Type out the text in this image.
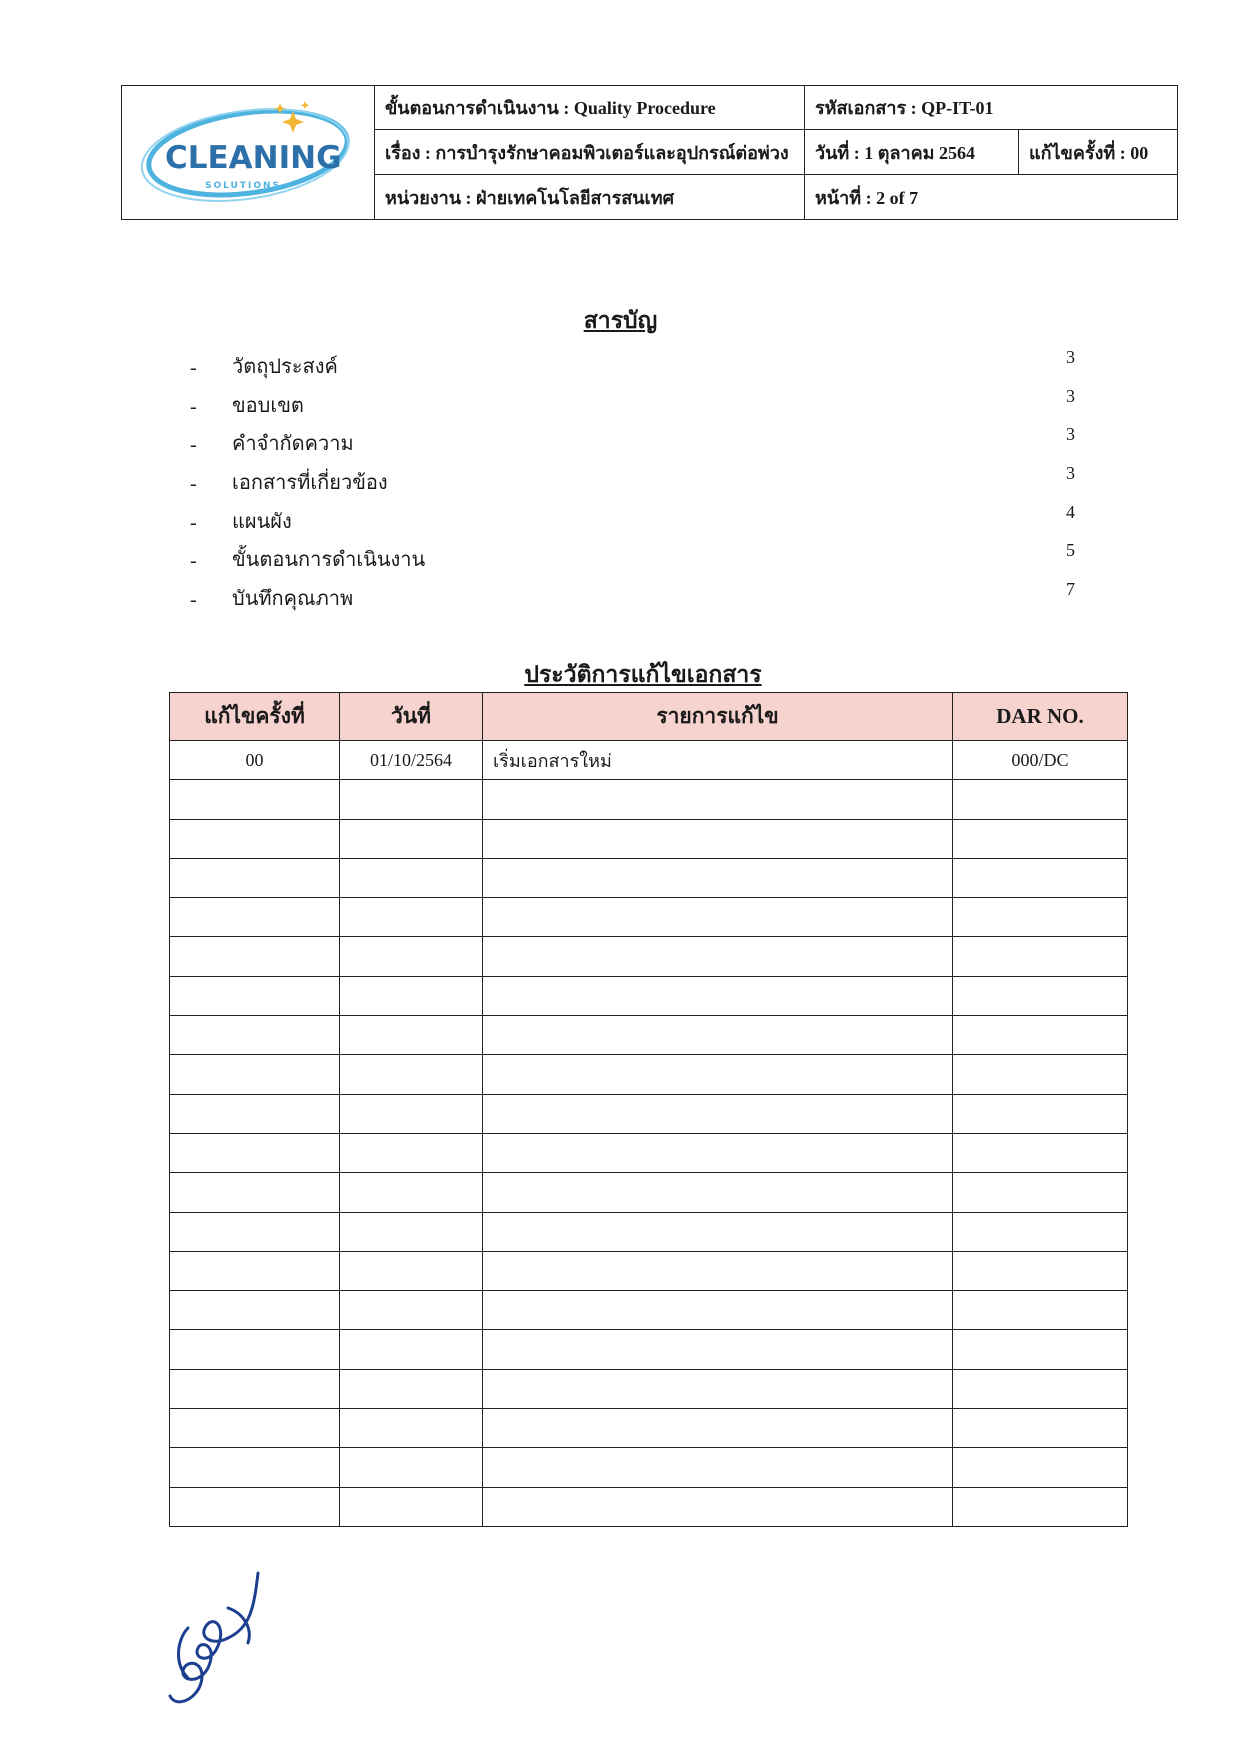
CLEANING
SOLUTIONS	ขั้นตอนการดำเนินงาน : Quality Procedure	รหัสเอกสาร : QP-IT-01	
	เรื่อง : การบำรุงรักษาคอมพิวเตอร์และอุปกรณ์ต่อพ่วง	วันที่ : 1 ตุลาคม 2564	แก้ไขครั้งที่ : 00
	หน่วยงาน : ฝ่ายเทคโนโลยีสารสนเทศ	หน้าที่ : 2 of 7	
สารบัญ
- วัตถุประสงค์	3
- ขอบเขต	3
- คำจำกัดความ	3
- เอกสารที่เกี่ยวข้อง	3
- แผนผัง	4
- ขั้นตอนการดำเนินงาน	5
- บันทึกคุณภาพ	7
ประวัติการแก้ไขเอกสาร
แก้ไขครั้งที่	วันที่	รายการแก้ไข	DAR NO.
00	01/10/2564	เริ่มเอกสารใหม่	000/DC
